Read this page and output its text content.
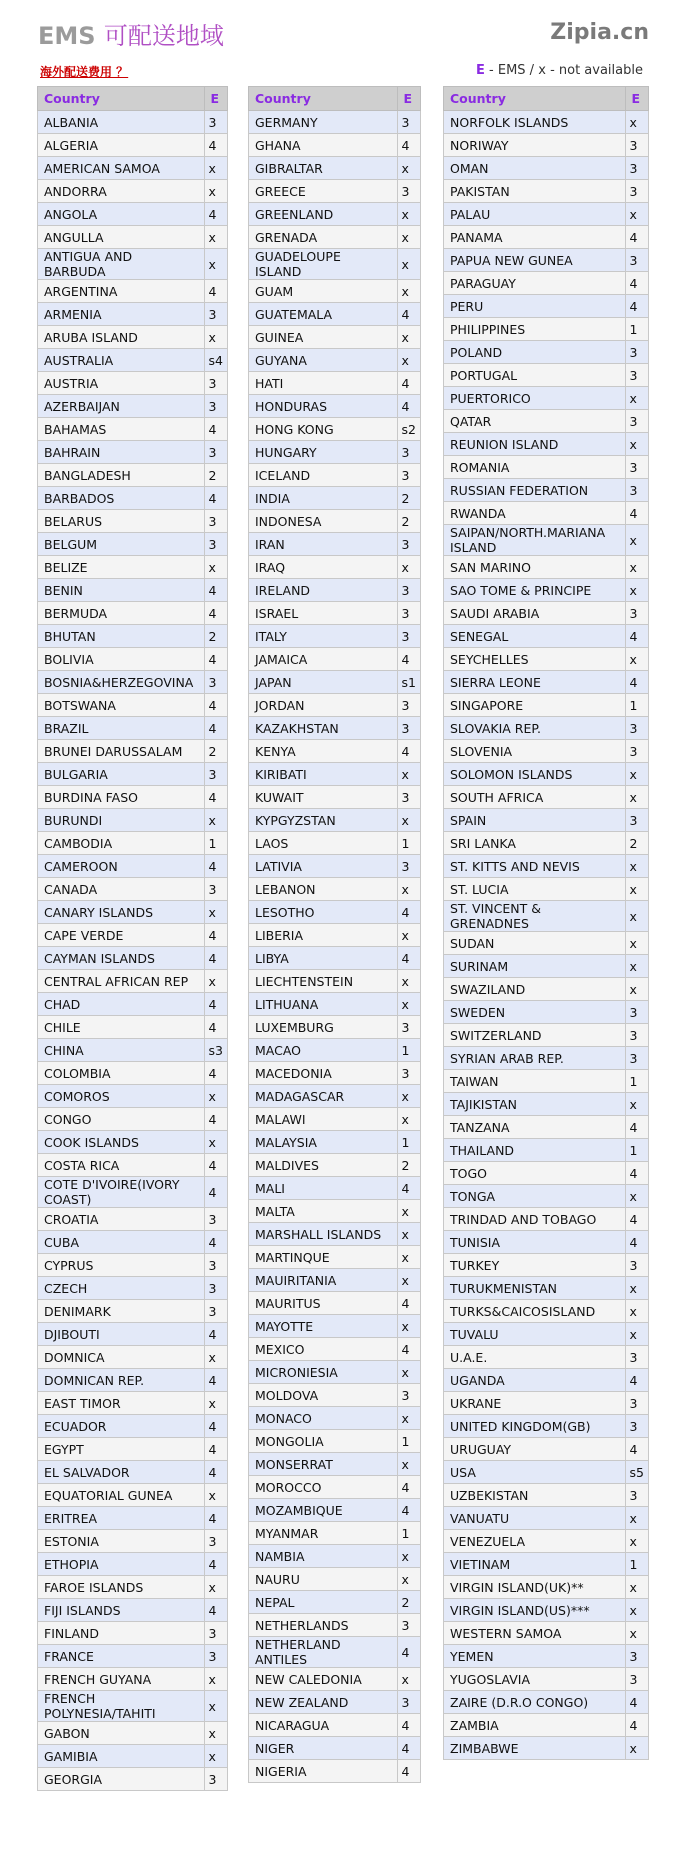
EMS 可配送地域	Zipia.cn
海外配送费用 ？	E - EMS / x - not available
Country	E
ALBANIA	3
ALGERIA	4
AMERICAN SAMOA	x
ANDORRA	x
ANGOLA	4
ANGULLA	x
ANTIGUA AND BARBUDA	x
ARGENTINA	4
ARMENIA	3
ARUBA ISLAND	x
AUSTRALIA	s4
AUSTRIA	3
AZERBAIJAN	3
BAHAMAS	4
BAHRAIN	3
BANGLADESH	2
BARBADOS	4
BELARUS	3
BELGUM	3
BELIZE	x
BENIN	4
BERMUDA	4
BHUTAN	2
BOLIVIA	4
BOSNIA&HERZEGOVINA	3
BOTSWANA	4
BRAZIL	4
BRUNEI DARUSSALAM	2
BULGARIA	3
BURDINA FASO	4
BURUNDI	x
CAMBODIA	1
CAMEROON	4
CANADA	3
CANARY ISLANDS	x
CAPE VERDE	4
CAYMAN ISLANDS	4
CENTRAL AFRICAN REP	x
CHAD	4
CHILE	4
CHINA	s3
COLOMBIA	4
COMOROS	x
CONGO	4
COOK ISLANDS	x
COSTA RICA	4
COTE D'IVOIRE(IVORY COAST)	4
CROATIA	3
CUBA	4
CYPRUS	3
CZECH	3
DENIMARK	3
DJIBOUTI	4
DOMNICA	x
DOMNICAN REP.	4
EAST TIMOR	x
ECUADOR	4
EGYPT	4
EL SALVADOR	4
EQUATORIAL GUNEA	x
ERITREA	4
ESTONIA	3
ETHOPIA	4
FAROE ISLANDS	x
FIJI ISLANDS	4
FINLAND	3
FRANCE	3
FRENCH GUYANA	x
FRENCH POLYNESIA/TAHITI	x
GABON	x
GAMIBIA	x
GEORGIA	3
Country	E
GERMANY	3
GHANA	4
GIBRALTAR	x
GREECE	3
GREENLAND	x
GRENADA	x
GUADELOUPE ISLAND	x
GUAM	x
GUATEMALA	4
GUINEA	x
GUYANA	x
HATI	4
HONDURAS	4
HONG KONG	s2
HUNGARY	3
ICELAND	3
INDIA	2
INDONESA	2
IRAN	3
IRAQ	x
IRELAND	3
ISRAEL	3
ITALY	3
JAMAICA	4
JAPAN	s1
JORDAN	3
KAZAKHSTAN	3
KENYA	4
KIRIBATI	x
KUWAIT	3
KYPGYZSTAN	x
LAOS	1
LATIVIA	3
LEBANON	x
LESOTHO	4
LIBERIA	x
LIBYA	4
LIECHTENSTEIN	x
LITHUANA	x
LUXEMBURG	3
MACAO	1
MACEDONIA	3
MADAGASCAR	x
MALAWI	x
MALAYSIA	1
MALDIVES	2
MALI	4
MALTA	x
MARSHALL ISLANDS	x
MARTINQUE	x
MAUIRITANIA	x
MAURITUS	4
MAYOTTE	x
MEXICO	4
MICRONIESIA	x
MOLDOVA	3
MONACO	x
MONGOLIA	1
MONSERRAT	x
MOROCCO	4
MOZAMBIQUE	4
MYANMAR	1
NAMBIA	x
NAURU	x
NEPAL	2
NETHERLANDS	3
NETHERLAND ANTILES	4
NEW CALEDONIA	x
NEW ZEALAND	3
NICARAGUA	4
NIGER	4
NIGERIA	4
Country	E
NORFOLK ISLANDS	x
NORIWAY	3
OMAN	3
PAKISTAN	3
PALAU	x
PANAMA	4
PAPUA NEW GUNEA	3
PARAGUAY	4
PERU	4
PHILIPPINES	1
POLAND	3
PORTUGAL	3
PUERTORICO	x
QATAR	3
REUNION ISLAND	x
ROMANIA	3
RUSSIAN FEDERATION	3
RWANDA	4
SAIPAN/NORTH.MARIANA ISLAND	x
SAN MARINO	x
SAO TOME & PRINCIPE	x
SAUDI ARABIA	3
SENEGAL	4
SEYCHELLES	x
SIERRA LEONE	4
SINGAPORE	1
SLOVAKIA REP.	3
SLOVENIA	3
SOLOMON ISLANDS	x
SOUTH AFRICA	x
SPAIN	3
SRI LANKA	2
ST. KITTS AND NEVIS	x
ST. LUCIA	x
ST. VINCENT & GRENADNES	x
SUDAN	x
SURINAM	x
SWAZILAND	x
SWEDEN	3
SWITZERLAND	3
SYRIAN ARAB REP.	3
TAIWAN	1
TAJIKISTAN	x
TANZANA	4
THAILAND	1
TOGO	4
TONGA	x
TRINDAD AND TOBAGO	4
TUNISIA	4
TURKEY	3
TURUKMENISTAN	x
TURKS&CAICOSISLAND	x
TUVALU	x
U.A.E.	3
UGANDA	4
UKRANE	3
UNITED KINGDOM(GB)	3
URUGUAY	4
USA	s5
UZBEKISTAN	3
VANUATU	x
VENEZUELA	x
VIETINAM	1
VIRGIN ISLAND(UK)**	x
VIRGIN ISLAND(US)***	x
WESTERN SAMOA	x
YEMEN	3
YUGOSLAVIA	3
ZAIRE (D.R.O CONGO)	4
ZAMBIA	4
ZIMBABWE	x
